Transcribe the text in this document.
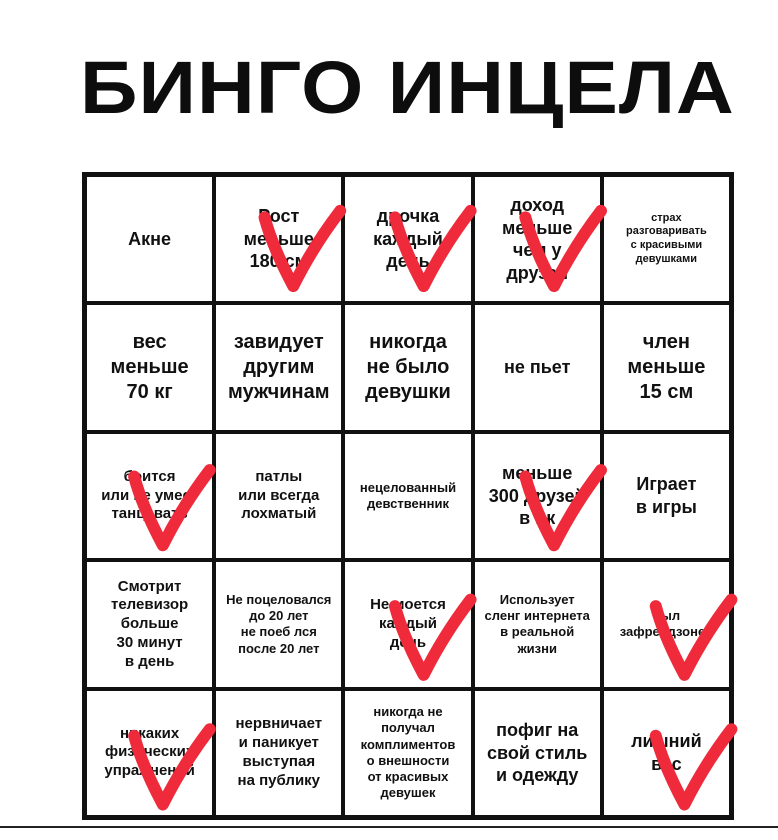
БИНГО ИНЦЕЛА
Акне
Рост
меньше
180 см
дрочка
каждый
день
доход
меньше
чем у
друзей
страх
разговаривать
с красивыми
девушками
вес
меньше
70 кг
завидует
другим
мужчинам
никогда
не было
девушки
не пьет
член
меньше
15 см
боится
или не умеет
танцевать
патлы
или всегда
лохматый
нецелованный
девственник
меньше
300 друзей
в вк
Играет
в игры
Смотрит
телевизор
больше
30 минут
в день
Не поцеловался
до 20 лет
не поеб лся
после 20 лет
Не моется
каждый
день
Использует
сленг интернета
в реальной
жизни
был
зафрендзонен
никаких
физических
упражнений
нервничает
и паникует
выступая
на публику
никогда не
получал
комплиментов
о внешности
от красивых
девушек
пофиг на
свой стиль
и одежду
лишний
вес
